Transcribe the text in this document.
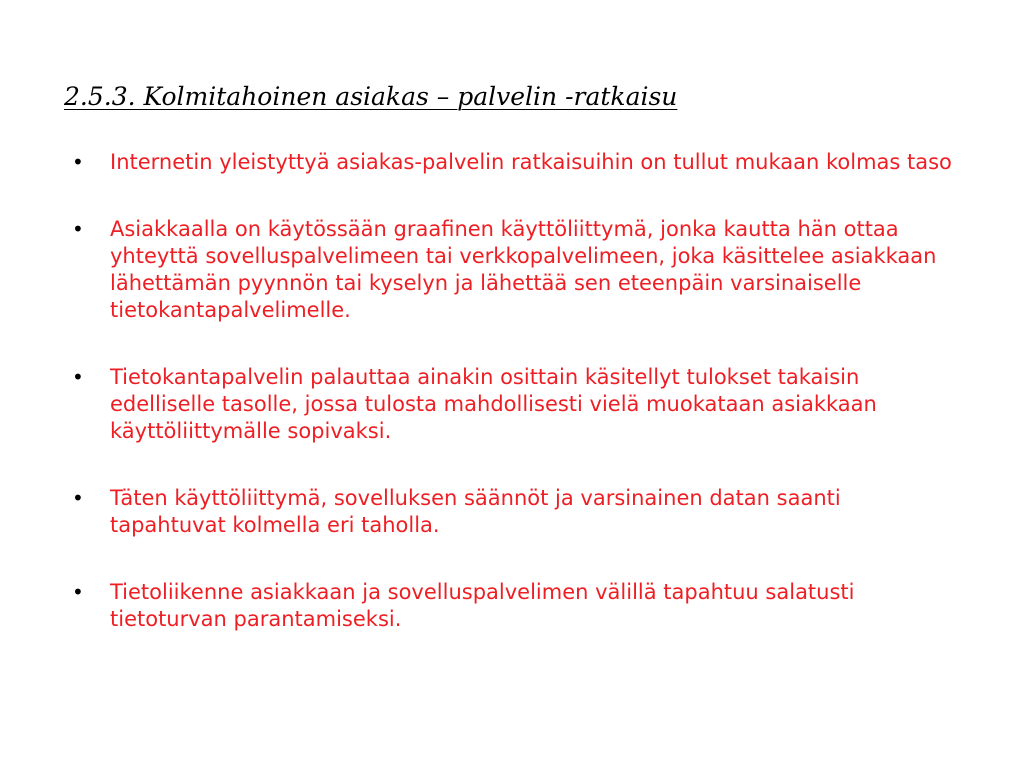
2.5.3. Kolmitahoinen asiakas – palvelin -ratkaisu
•	Internetin yleistyttyä asiakas-palvelin ratkaisuihin on tullut mukaan kolmas taso
•	Asiakkaalla on käytössään graafinen käyttöliittymä, jonka kautta hän ottaa yhteyttä sovelluspalvelimeen tai verkkopalvelimeen, joka käsittelee asiakkaan lähettämän pyynnön tai kyselyn ja lähettää sen eteenpäin varsinaiselle tietokantapalvelimelle.
•	Tietokantapalvelin palauttaa ainakin osittain käsitellyt tulokset takaisin edelliselle tasolle, jossa tulosta mahdollisesti vielä muokataan asiakkaan käyttöliittymälle sopivaksi.
•	Täten käyttöliittymä, sovelluksen säännöt ja varsinainen datan saanti tapahtuvat kolmella eri taholla.
•	Tietoliikenne asiakkaan ja sovelluspalvelimen välillä tapahtuu salatusti tietoturvan parantamiseksi.
